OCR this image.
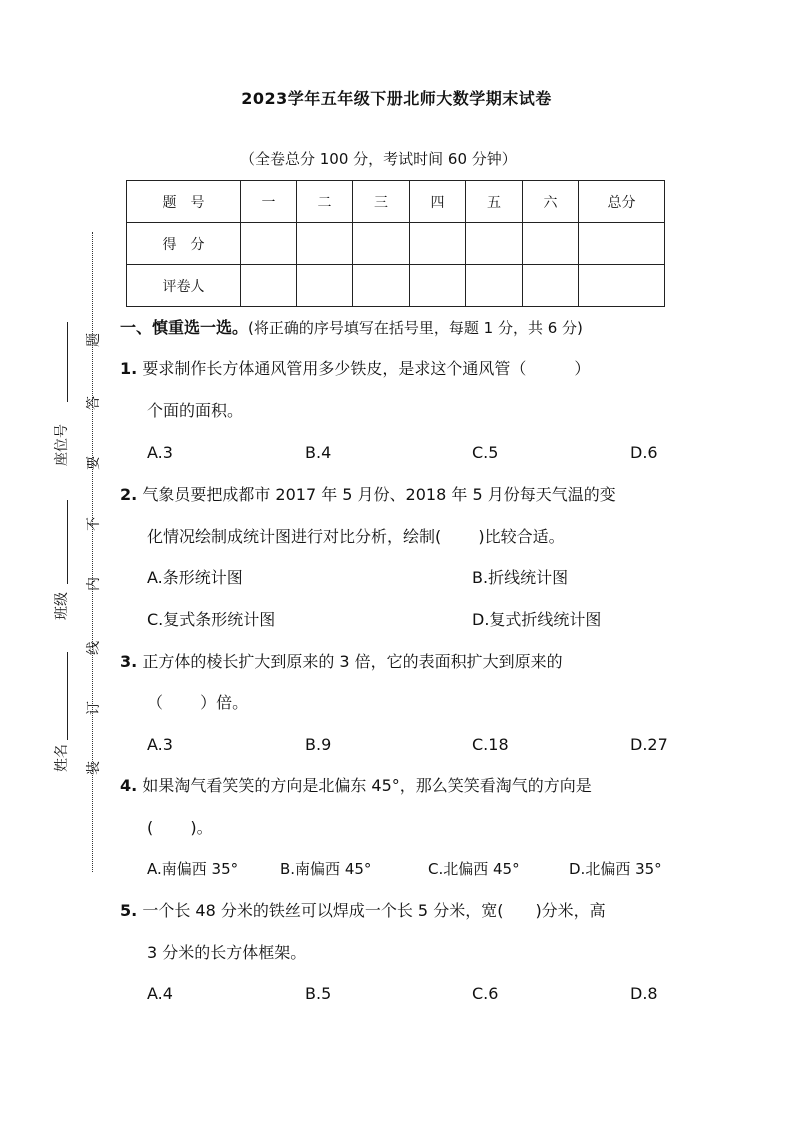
2023学年五年级下册北师大数学期末试卷
（全卷总分 100 分，考试时间 60 分钟）
题　号	一	二	三	四	五	六	总分
得　分							
评卷人							
座位号
班级
姓名
题
答
要
不
内
线
订
装
一、慎重选一选。(将正确的序号填写在括号里，每题 1 分，共 6 分)
1. 要求制作长方体通风管用多少铁皮，是求这个通风管（　　　）
个面的面积。
A.3	B.4	C.5	D.6
2. 气象员要把成都市 2017 年 5 月份、2018 年 5 月份每天气温的变
化情况绘制成统计图进行对比分析，绘制(　　 )比较合适。
A.条形统计图	B.折线统计图
C.复式条形统计图	D.复式折线统计图
3. 正方体的棱长扩大到原来的 3 倍，它的表面积扩大到原来的
（　　 ）倍。
A.3	B.9	C.18	D.27
4. 如果淘气看笑笑的方向是北偏东 45°，那么笑笑看淘气的方向是
(　　 )。
A.南偏西 35°	B.南偏西 45°	C.北偏西 45°	D.北偏西 35°
5. 一个长 48 分米的铁丝可以焊成一个长 5 分米，宽(　　)分米，高
3 分米的长方体框架。
A.4	B.5	C.6	D.8
